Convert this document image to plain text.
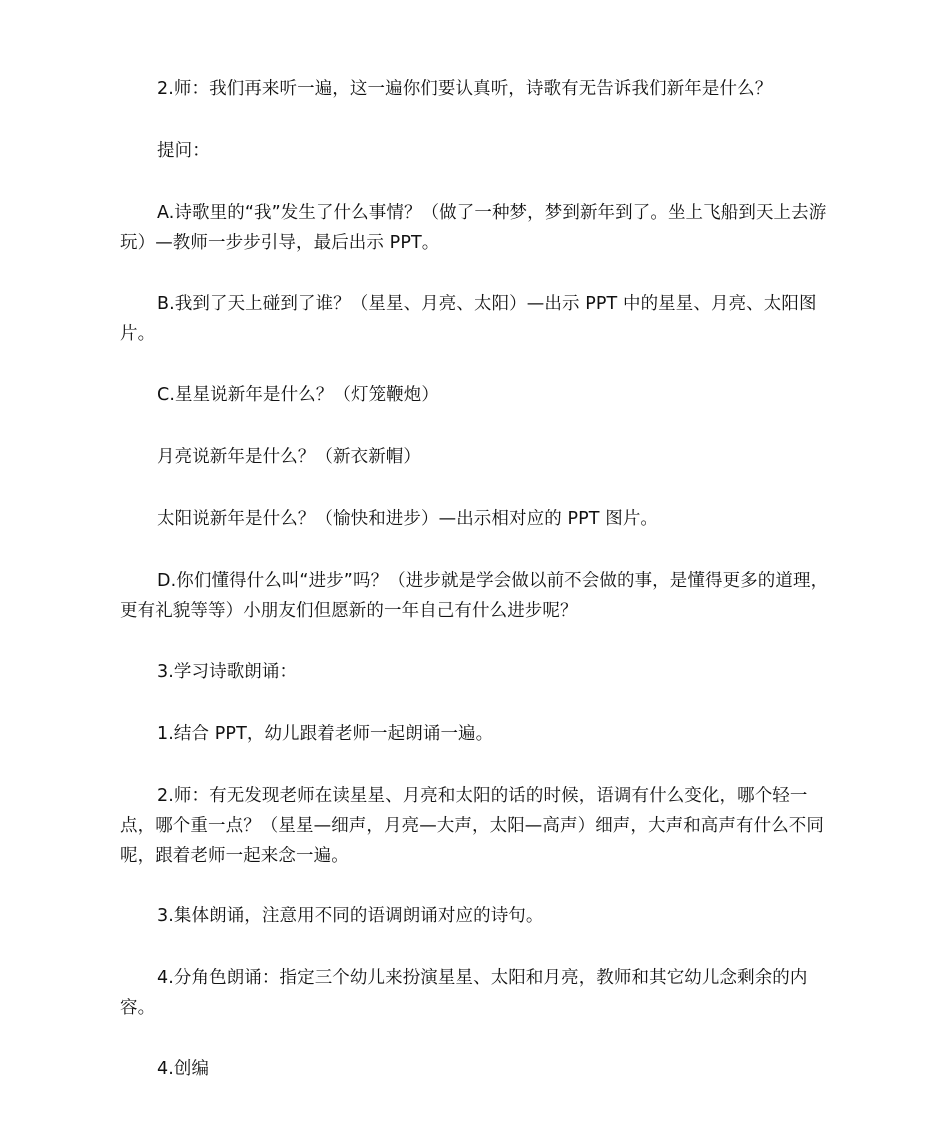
2.师：我们再来听一遍，这一遍你们要认真听，诗歌有无告诉我们新年是什么？

提问：

A.诗歌里的“我”发生了什么事情？（做了一种梦，梦到新年到了。坐上飞船到天上去游玩）—教师一步步引导，最后出示 PPT。

B.我到了天上碰到了谁？（星星、月亮、太阳）—出示 PPT 中的星星、月亮、太阳图片。

C.星星说新年是什么？（灯笼鞭炮）

月亮说新年是什么？（新衣新帽）

太阳说新年是什么？（愉快和进步）—出示相对应的 PPT 图片。

D.你们懂得什么叫“进步”吗？（进步就是学会做以前不会做的事，是懂得更多的道理，更有礼貌等等）小朋友们但愿新的一年自己有什么进步呢？

3.学习诗歌朗诵：

1.结合 PPT，幼儿跟着老师一起朗诵一遍。

2.师：有无发现老师在读星星、月亮和太阳的话的时候，语调有什么变化，哪个轻一点，哪个重一点？（星星—细声，月亮—大声，太阳—高声）细声，大声和高声有什么不同呢，跟着老师一起来念一遍。

3.集体朗诵，注意用不同的语调朗诵对应的诗句。

4.分角色朗诵：指定三个幼儿来扮演星星、太阳和月亮，教师和其它幼儿念剩余的内容。

4.创编
